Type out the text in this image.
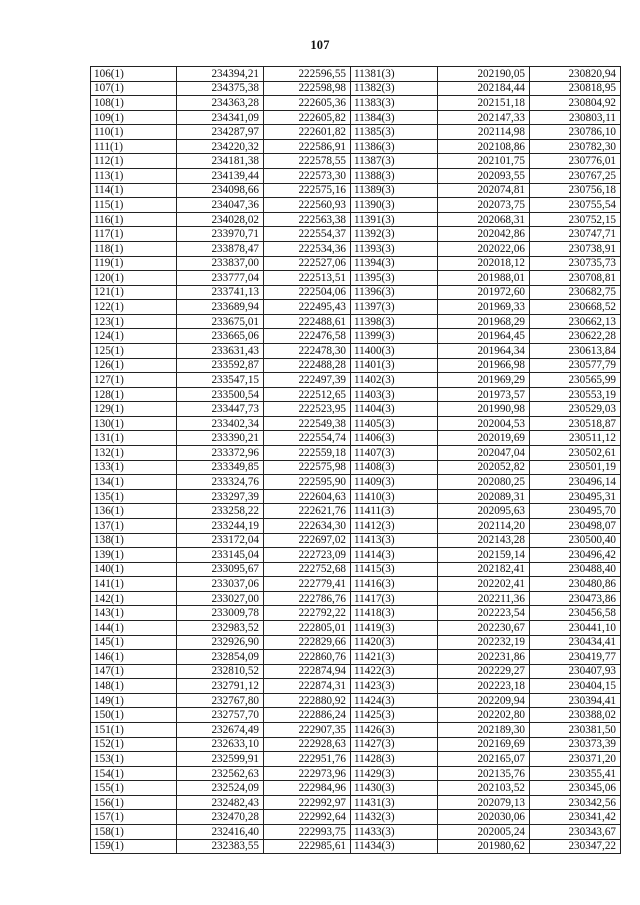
107
106(1)	234394,21	222596,55	11381(3)	202190,05	230820,94
107(1)	234375,38	222598,98	11382(3)	202184,44	230818,95
108(1)	234363,28	222605,36	11383(3)	202151,18	230804,92
109(1)	234341,09	222605,82	11384(3)	202147,33	230803,11
110(1)	234287,97	222601,82	11385(3)	202114,98	230786,10
111(1)	234220,32	222586,91	11386(3)	202108,86	230782,30
112(1)	234181,38	222578,55	11387(3)	202101,75	230776,01
113(1)	234139,44	222573,30	11388(3)	202093,55	230767,25
114(1)	234098,66	222575,16	11389(3)	202074,81	230756,18
115(1)	234047,36	222560,93	11390(3)	202073,75	230755,54
116(1)	234028,02	222563,38	11391(3)	202068,31	230752,15
117(1)	233970,71	222554,37	11392(3)	202042,86	230747,71
118(1)	233878,47	222534,36	11393(3)	202022,06	230738,91
119(1)	233837,00	222527,06	11394(3)	202018,12	230735,73
120(1)	233777,04	222513,51	11395(3)	201988,01	230708,81
121(1)	233741,13	222504,06	11396(3)	201972,60	230682,75
122(1)	233689,94	222495,43	11397(3)	201969,33	230668,52
123(1)	233675,01	222488,61	11398(3)	201968,29	230662,13
124(1)	233665,06	222476,58	11399(3)	201964,45	230622,28
125(1)	233631,43	222478,30	11400(3)	201964,34	230613,84
126(1)	233592,87	222488,28	11401(3)	201966,98	230577,79
127(1)	233547,15	222497,39	11402(3)	201969,29	230565,99
128(1)	233500,54	222512,65	11403(3)	201973,57	230553,19
129(1)	233447,73	222523,95	11404(3)	201990,98	230529,03
130(1)	233402,34	222549,38	11405(3)	202004,53	230518,87
131(1)	233390,21	222554,74	11406(3)	202019,69	230511,12
132(1)	233372,96	222559,18	11407(3)	202047,04	230502,61
133(1)	233349,85	222575,98	11408(3)	202052,82	230501,19
134(1)	233324,76	222595,90	11409(3)	202080,25	230496,14
135(1)	233297,39	222604,63	11410(3)	202089,31	230495,31
136(1)	233258,22	222621,76	11411(3)	202095,63	230495,70
137(1)	233244,19	222634,30	11412(3)	202114,20	230498,07
138(1)	233172,04	222697,02	11413(3)	202143,28	230500,40
139(1)	233145,04	222723,09	11414(3)	202159,14	230496,42
140(1)	233095,67	222752,68	11415(3)	202182,41	230488,40
141(1)	233037,06	222779,41	11416(3)	202202,41	230480,86
142(1)	233027,00	222786,76	11417(3)	202211,36	230473,86
143(1)	233009,78	222792,22	11418(3)	202223,54	230456,58
144(1)	232983,52	222805,01	11419(3)	202230,67	230441,10
145(1)	232926,90	222829,66	11420(3)	202232,19	230434,41
146(1)	232854,09	222860,76	11421(3)	202231,86	230419,77
147(1)	232810,52	222874,94	11422(3)	202229,27	230407,93
148(1)	232791,12	222874,31	11423(3)	202223,18	230404,15
149(1)	232767,80	222880,92	11424(3)	202209,94	230394,41
150(1)	232757,70	222886,24	11425(3)	202202,80	230388,02
151(1)	232674,49	222907,35	11426(3)	202189,30	230381,50
152(1)	232633,10	222928,63	11427(3)	202169,69	230373,39
153(1)	232599,91	222951,76	11428(3)	202165,07	230371,20
154(1)	232562,63	222973,96	11429(3)	202135,76	230355,41
155(1)	232524,09	222984,96	11430(3)	202103,52	230345,06
156(1)	232482,43	222992,97	11431(3)	202079,13	230342,56
157(1)	232470,28	222992,64	11432(3)	202030,06	230341,42
158(1)	232416,40	222993,75	11433(3)	202005,24	230343,67
159(1)	232383,55	222985,61	11434(3)	201980,62	230347,22
